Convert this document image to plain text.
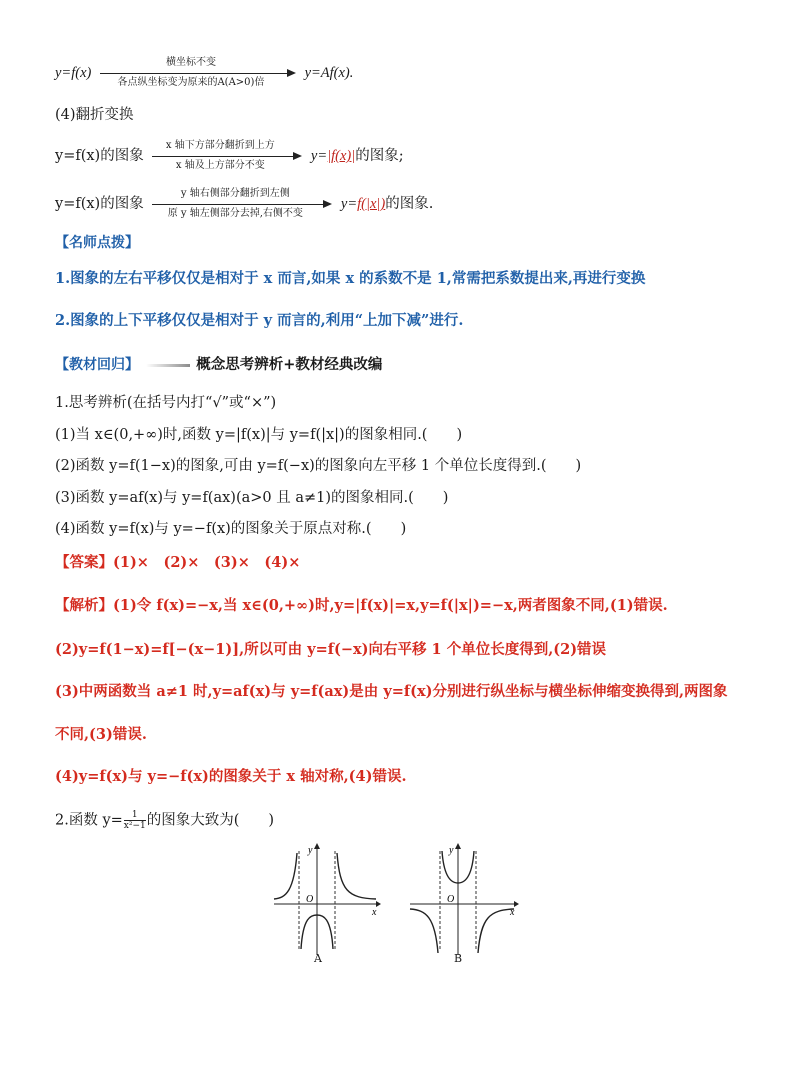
y=f(x)
横坐标不变
各点纵坐标变为原来的A(A>0)倍
y=Af(x).
(4)翻折变换
y=f(x)的图象
x 轴下方部分翻折到上方
x 轴及上方部分不变
y=|f(x)|的图象;
y=f(x)的图象
y 轴右侧部分翻折到左侧
原 y 轴左侧部分去掉,右侧不变
y=f(|x|)的图象.
【名师点拨】
1.图象的左右平移仅仅是相对于 x 而言,如果 x 的系数不是 1,常需把系数提出来,再进行变换
2.图象的上下平移仅仅是相对于 y 而言的,利用“上加下减”进行.
【教材回归】	概念思考辨析+教材经典改编
1.思考辨析(在括号内打“√”或“×”)
(1)当 x∈(0,+∞)时,函数 y=|f(x)|与 y=f(|x|)的图象相同.(　　)
(2)函数 y=f(1−x)的图象,可由 y=f(−x)的图象向左平移 1 个单位长度得到.(　　)
(3)函数 y=af(x)与 y=f(ax)(a>0 且 a≠1)的图象相同.(　　)
(4)函数 y=f(x)与 y=−f(x)的图象关于原点对称.(　　)
【答案】(1)×　(2)×　(3)×　(4)×
【解析】(1)令 f(x)=−x,当 x∈(0,+∞)时,y=|f(x)|=x,y=f(|x|)=−x,两者图象不同,(1)错误.
(2)y=f(1−x)=f[−(x−1)],所以可由 y=f(−x)向右平移 1 个单位长度得到,(2)错误
(3)中两函数当 a≠1 时,y=af(x)与 y=f(ax)是由 y=f(x)分别进行纵坐标与横坐标伸缩变换得到,两图象
不同,(3)错误.
(4)y=f(x)与 y=−f(x)的图象关于 x 轴对称,(4)错误.
2.函数 $y= \frac{1}{\text{x²−1}}$ 的图象大致为(　　)
O
y
x
A
O
y
x
B
